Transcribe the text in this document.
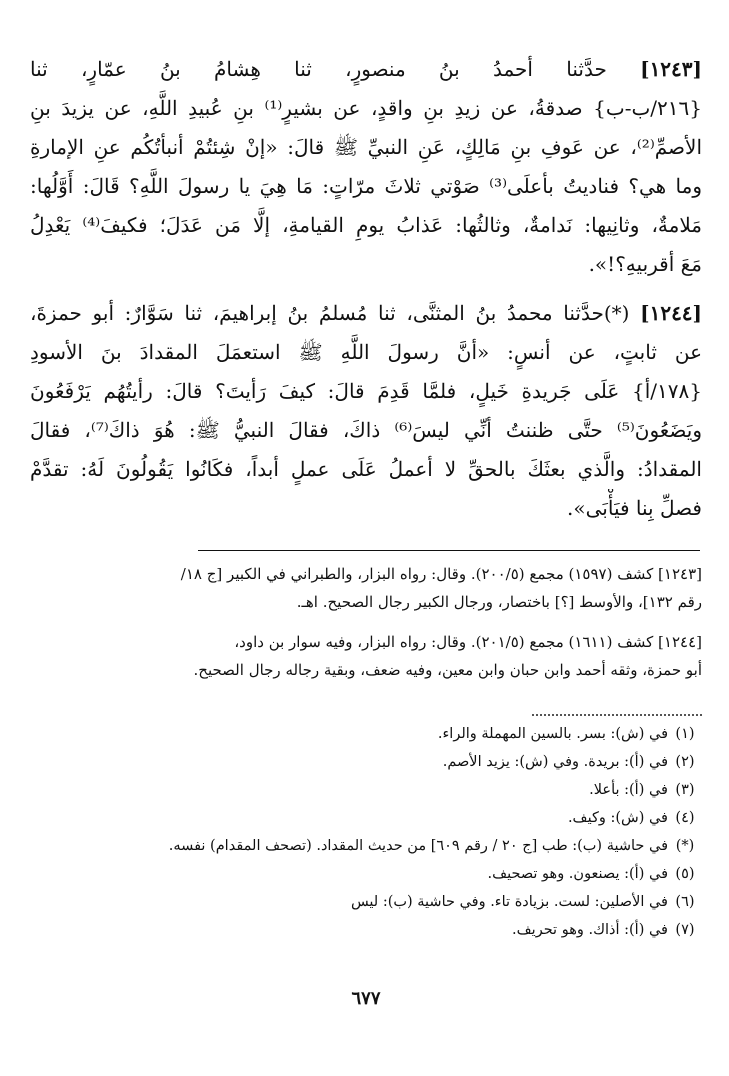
[١٢٤٣] حدَّثنا أحمدُ بنُ منصورٍ، ثنا هِشامُ بنُ عمّارٍ، ثنا
{٢١٦/ب-ب} صدقةُ، عن زيدِ بنِ واقدٍ، عن بشيرٍ⁽¹⁾ بنِ عُبيدِ اللَّهِ، عن يزيدَ بنِ
الأصمِّ⁽²⁾، عن عَوفِ بنِ مَالِكٍ، عَنِ النبيِّ ﷺ قالَ: «إنْ شِئتُمْ أنبأتُكُم عنِ الإمارةِ
وما هي؟ فناديتُ بأعلَى⁽³⁾ صَوْتي ثلاثَ مرّاتٍ: مَا هِيَ يا رسولَ اللَّهِ؟ قَالَ: أَوَّلُها:
مَلامةٌ، وثانِيها: نَدامةٌ، وثالثُها: عَذابُ يومِ القيامةِ، إلَّا مَن عَدَلَ؛ فكيفَ⁽⁴⁾ يَعْدِلُ
مَعَ أقربيهِ؟!».
[١٢٤٤] (*)حدَّثنا محمدُ بنُ المثنَّى، ثنا مُسلمُ بنُ إبراهيمَ، ثنا سَوَّارٌ: أبو حمزةَ،
عن ثابتٍ، عن أنسٍ: «أنَّ رسولَ اللَّهِ ﷺ استعمَلَ المقدادَ بنَ الأسودِ
{١٧٨/أ} عَلَى جَريدةِ خَيلٍ، فلمَّا قَدِمَ قالَ: كيفَ رَأيتَ؟ قالَ: رأيتُهُم يَرْفَعُونَ
ويَضَعُونَ⁽⁵⁾ حتَّى ظننتُ أنِّي ليسَ⁽⁶⁾ ذاكَ، فقالَ النبيُّ ﷺ: هُوَ ذاكَ⁽⁷⁾، فقالَ
المقدادُ: والَّذي بعثَكَ بالحقِّ لا أعملُ عَلَى عملٍ أبداً، فكَانُوا يَقُولُونَ لَهُ: تقدَّمْ
فصلِّ بِنا فيَأْبَى».
[١٢٤٣] كشف (١٥٩٧) مجمع (٢٠٠/٥). وقال: رواه البزار، والطبراني في الكبير [ج ١٨/
رقم ١٣٢]، والأوسط [؟] باختصار، ورجال الكبير رجال الصحيح. اهـ.
[١٢٤٤] كشف (١٦١١) مجمع (٢٠١/٥). وقال: رواه البزار، وفيه سوار بن داود،
أبو حمزة، وثقه أحمد وابن حبان وابن معين، وفيه ضعف، وبقية رجاله رجال الصحيح.
(١)
في (ش): بسر. بالسين المهملة والراء.
(٢)
في (أ): بريدة. وفي (ش): يزيد الأصم.
(٣)
في (أ): بأعلا.
(٤)
في (ش): وكيف.
(*)
في حاشية (ب): طب [ج ٢٠ / رقم ٦٠٩] من حديث المقداد. (تصحف المقدام) نفسه.
(٥)
في (أ): يصنعون. وهو تصحيف.
(٦)
في الأصلين: لست. بزيادة تاء. وفي حاشية (ب): ليس
(٧)
في (أ): أذاك. وهو تحريف.
٦٧٧
